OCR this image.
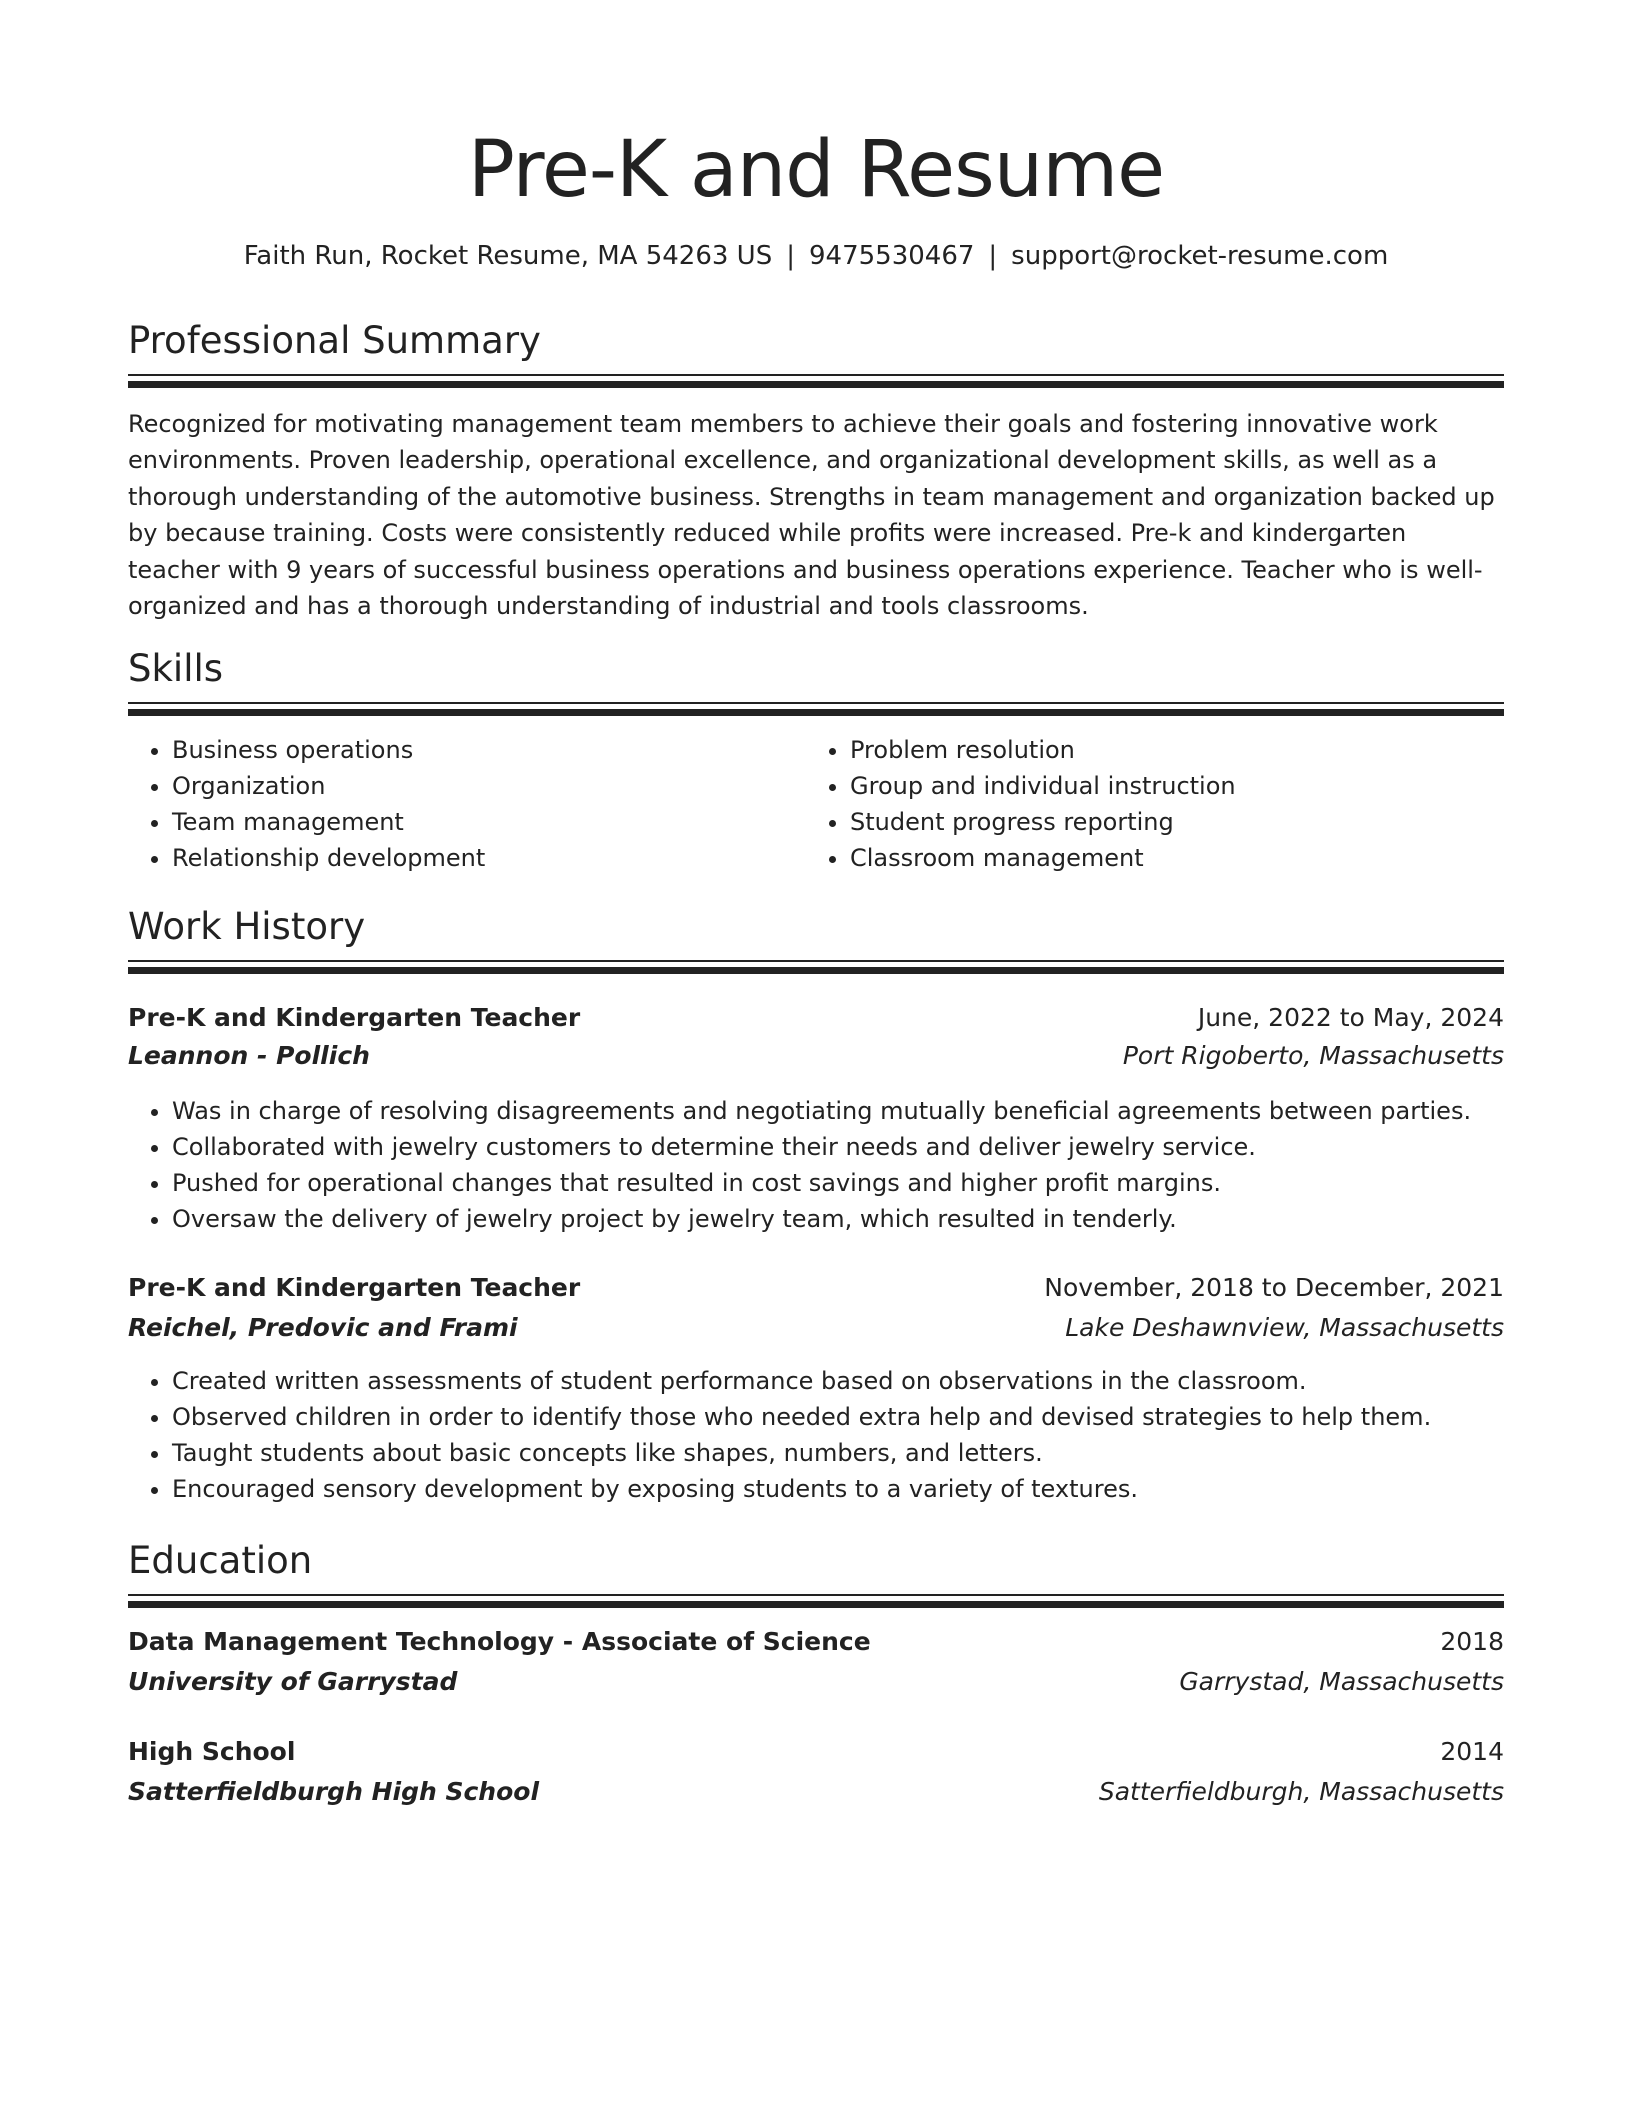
Pre-K and Resume
Faith Run, Rocket Resume, MA 54263 US | 9475530467 | support@rocket-resume.com
Professional Summary

Recognized for motivating management team members to achieve their goals and fostering innovative work environments. Proven leadership, operational excellence, and organizational development skills, as well as a thorough understanding of the automotive business. Strengths in team management and organization backed up by because training. Costs were consistently reduced while profits were increased. Pre-k and kindergarten teacher with 9 years of successful business operations and business operations experience. Teacher who is well-organized and has a thorough understanding of industrial and tools classrooms.

Skills
• Business operations
• Organization
• Team management
• Relationship development
• Problem resolution
• Group and individual instruction
• Student progress reporting
• Classroom management
Work History
Pre-K and Kindergarten Teacher	June, 2022 to May, 2024
Leannon - Pollich	Port Rigoberto, Massachusetts
• Was in charge of resolving disagreements and negotiating mutually beneficial agreements between parties.
• Collaborated with jewelry customers to determine their needs and deliver jewelry service.
• Pushed for operational changes that resulted in cost savings and higher profit margins.
• Oversaw the delivery of jewelry project by jewelry team, which resulted in tenderly.
Pre-K and Kindergarten Teacher	November, 2018 to December, 2021
Reichel, Predovic and Frami	Lake Deshawnview, Massachusetts
• Created written assessments of student performance based on observations in the classroom.
• Observed children in order to identify those who needed extra help and devised strategies to help them.
• Taught students about basic concepts like shapes, numbers, and letters.
• Encouraged sensory development by exposing students to a variety of textures.
Education
Data Management Technology - Associate of Science	2018
University of Garrystad	Garrystad, Massachusetts
High School	2014
Satterfieldburgh High School	Satterfieldburgh, Massachusetts
